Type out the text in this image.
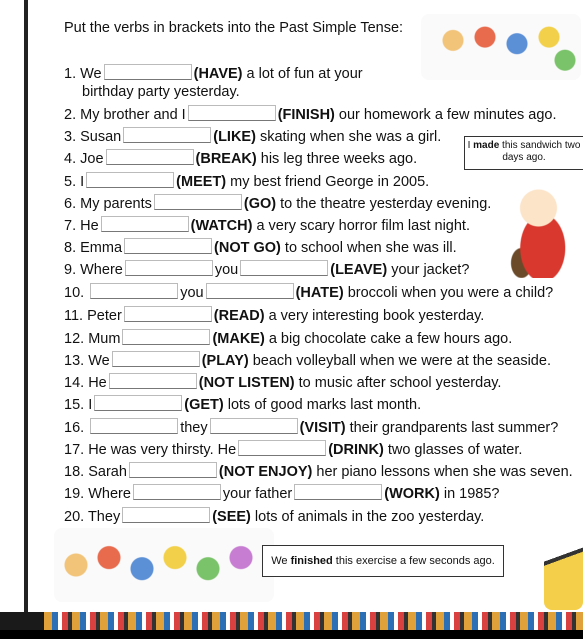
Put the verbs in brackets into the Past Simple Tense:
I made this sandwich two days ago.
1. We	(HAVE) a lot of fun at your
birthday party yesterday.
2. My brother and I	(FINISH) our homework a few minutes ago.
3. Susan	(LIKE) skating when she was a girl.
4. Joe	(BREAK) his leg three weeks ago.
5. I	(MEET) my best friend George in 2005.
6. My parents	(GO) to the theatre yesterday evening.
7. He	(WATCH) a very scary horror film last night.
8. Emma	(NOT GO) to school when she was ill.
9. Where	you	(LEAVE) your jacket?
10.	you	(HATE) broccoli when you were a child?
11. Peter	(READ) a very interesting book yesterday.
12. Mum	(MAKE) a big chocolate cake a few hours ago.
13. We	(PLAY) beach volleyball when we were at the seaside.
14. He	(NOT LISTEN) to music after school yesterday.
15. I	(GET) lots of good marks last month.
16.	they	(VISIT) their grandparents last summer?
17. He was very thirsty. He	(DRINK) two glasses of water.
18. Sarah	(NOT ENJOY) her piano lessons when she was seven.
19. Where	your father	(WORK) in 1985?
20. They	(SEE) lots of animals in the zoo yesterday.
We finished this exercise a few seconds ago.
